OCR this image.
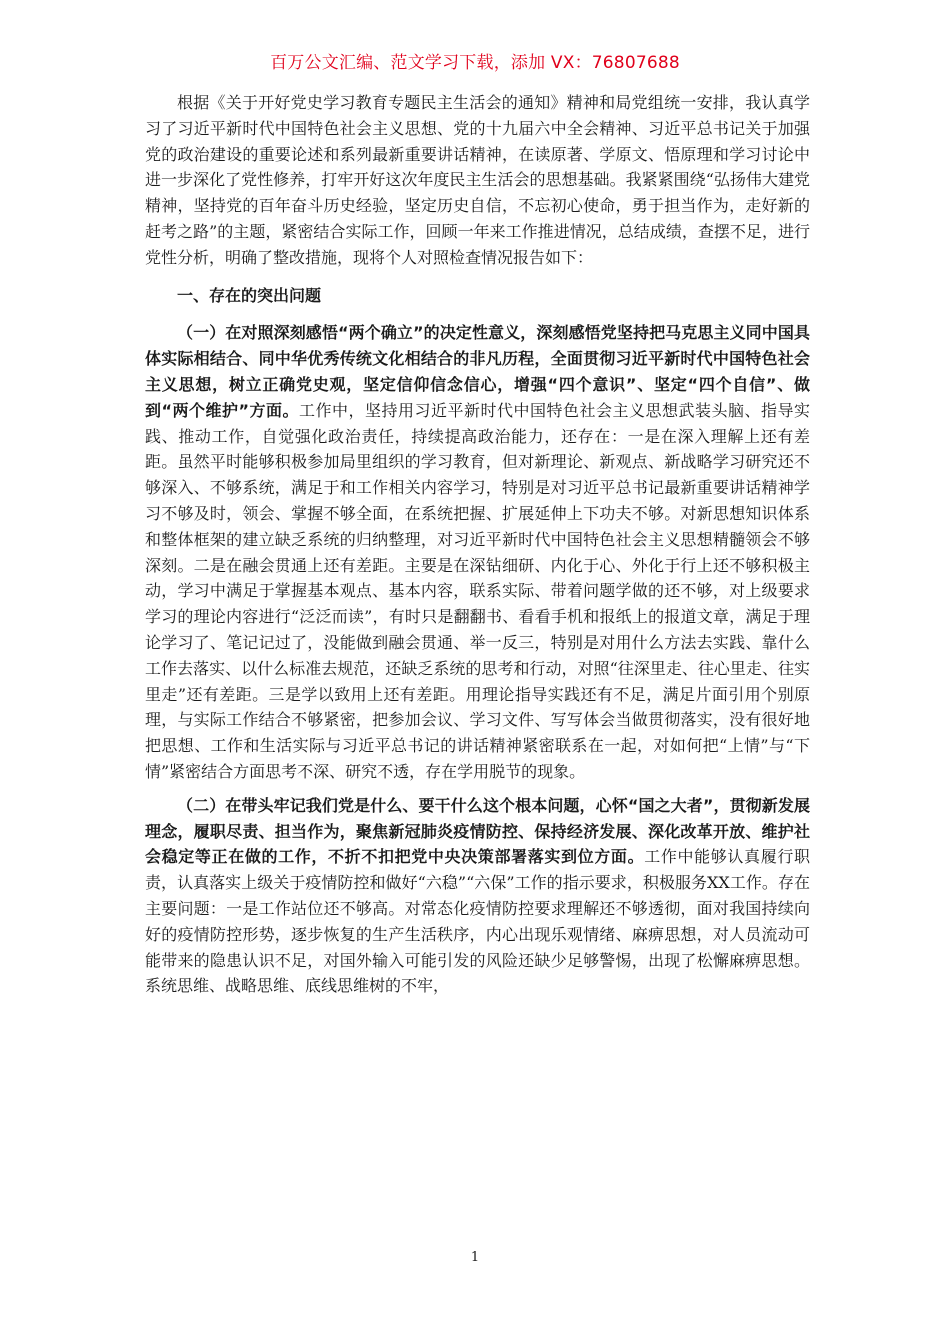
百万公文汇编、范文学习下载，添加 VX：76807688

根据《关于开好党史学习教育专题民主生活会的通知》精神和局党组统一安排，我认真学习了习近平新时代中国特色社会主义思想、党的十九届六中全会精神、习近平总书记关于加强党的政治建设的重要论述和系列最新重要讲话精神，在读原著、学原文、悟原理和学习讨论中进一步深化了党性修养，打牢开好这次年度民主生活会的思想基础。我紧紧围绕“弘扬伟大建党精神，坚持党的百年奋斗历史经验，坚定历史自信，不忘初心使命，勇于担当作为，走好新的赶考之路”的主题，紧密结合实际工作，回顾一年来工作推进情况，总结成绩，查摆不足，进行党性分析，明确了整改措施，现将个人对照检查情况报告如下：

一、存在的突出问题

（一）在对照深刻感悟“两个确立”的决定性意义，深刻感悟党坚持把马克思主义同中国具体实际相结合、同中华优秀传统文化相结合的非凡历程，全面贯彻习近平新时代中国特色社会主义思想，树立正确党史观，坚定信仰信念信心，增强“四个意识”、坚定“四个自信”、做到“两个维护”方面。工作中，坚持用习近平新时代中国特色社会主义思想武装头脑、指导实践、推动工作，自觉强化政治责任，持续提高政治能力，还存在：一是在深入理解上还有差距。虽然平时能够积极参加局里组织的学习教育，但对新理论、新观点、新战略学习研究还不够深入、不够系统，满足于和工作相关内容学习，特别是对习近平总书记最新重要讲话精神学习不够及时，领会、掌握不够全面，在系统把握、扩展延伸上下功夫不够。对新思想知识体系和整体框架的建立缺乏系统的归纳整理，对习近平新时代中国特色社会主义思想精髓领会不够深刻。二是在融会贯通上还有差距。主要是在深钻细研、内化于心、外化于行上还不够积极主动，学习中满足于掌握基本观点、基本内容，联系实际、带着问题学做的还不够，对上级要求学习的理论内容进行“泛泛而读”，有时只是翻翻书、看看手机和报纸上的报道文章，满足于理论学习了、笔记记过了，没能做到融会贯通、举一反三，特别是对用什么方法去实践、靠什么工作去落实、以什么标准去规范，还缺乏系统的思考和行动，对照“往深里走、往心里走、往实里走”还有差距。三是学以致用上还有差距。用理论指导实践还有不足，满足片面引用个别原理，与实际工作结合不够紧密，把参加会议、学习文件、写写体会当做贯彻落实，没有很好地把思想、工作和生活实际与习近平总书记的讲话精神紧密联系在一起，对如何把“上情”与“下情”紧密结合方面思考不深、研究不透，存在学用脱节的现象。

（二）在带头牢记我们党是什么、要干什么这个根本问题，心怀“国之大者”，贯彻新发展理念，履职尽责、担当作为，聚焦新冠肺炎疫情防控、保持经济发展、深化改革开放、维护社会稳定等正在做的工作，不折不扣把党中央决策部署落实到位方面。工作中能够认真履行职责，认真落实上级关于疫情防控和做好“六稳”“六保”工作的指示要求，积极服务XX工作。存在主要问题：一是工作站位还不够高。对常态化疫情防控要求理解还不够透彻，面对我国持续向好的疫情防控形势，逐步恢复的生产生活秩序，内心出现乐观情绪、麻痹思想，对人员流动可能带来的隐患认识不足，对国外输入可能引发的风险还缺少足够警惕，出现了松懈麻痹思想。系统思维、战略思维、底线思维树的不牢，

1
